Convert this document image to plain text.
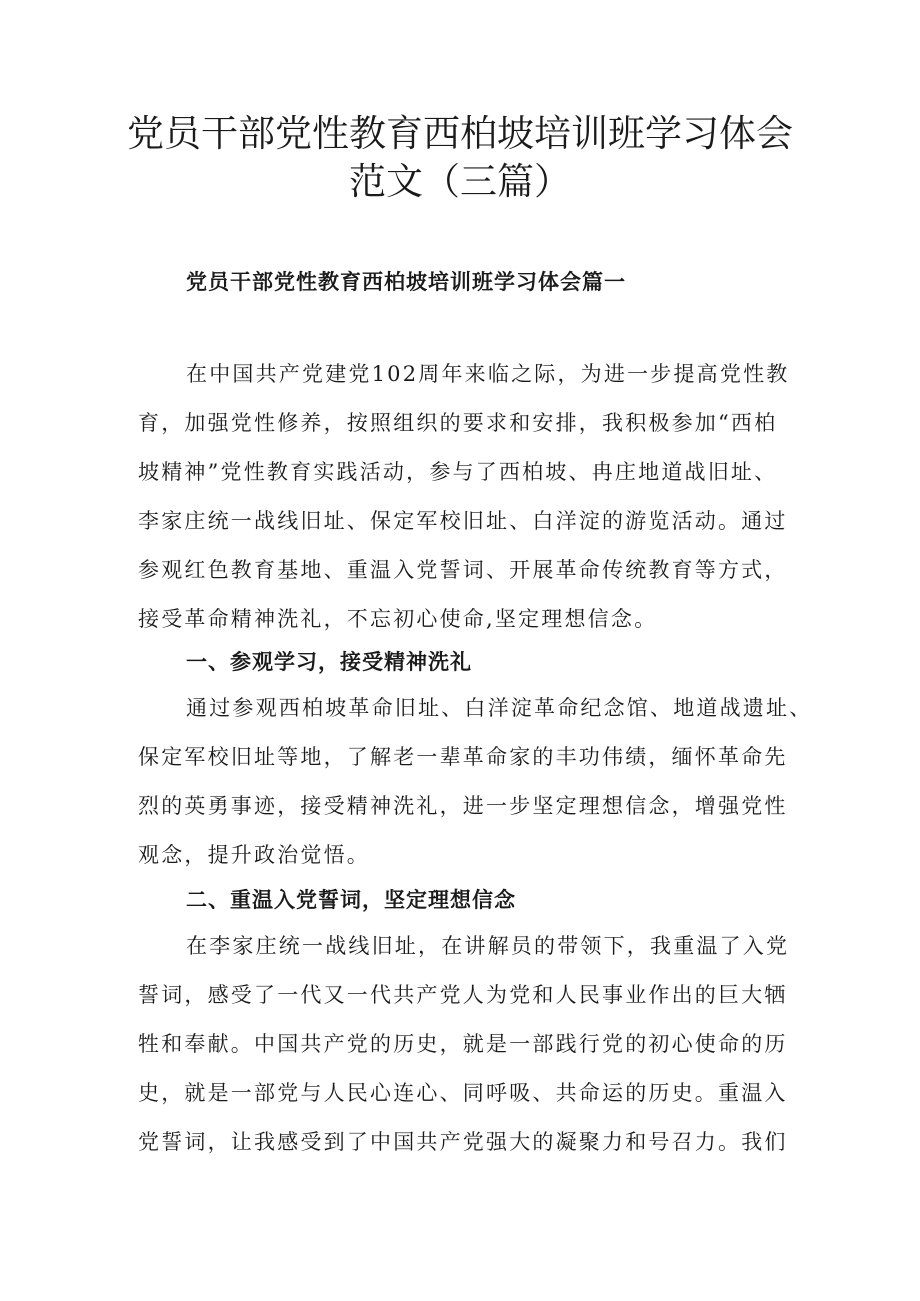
党员干部党性教育西柏坡培训班学习体会
范文（三篇）
党员干部党性教育西柏坡培训班学习体会篇一

在中国共产党建党102周年来临之际，为进一步提高党性教
育，加强党性修养，按照组织的要求和安排，我积极参加“西柏
坡精神”党性教育实践活动，参与了西柏坡、冉庄地道战旧址、
李家庄统一战线旧址、保定军校旧址、白洋淀的游览活动。通过
参观红色教育基地、重温入党誓词、开展革命传统教育等方式，
接受革命精神洗礼，不忘初心使命,坚定理想信念。

一、参观学习，接受精神洗礼

通过参观西柏坡革命旧址、白洋淀革命纪念馆、地道战遗址、
保定军校旧址等地，了解老一辈革命家的丰功伟绩，缅怀革命先
烈的英勇事迹，接受精神洗礼，进一步坚定理想信念，增强党性
观念，提升政治觉悟。

二、重温入党誓词，坚定理想信念

在李家庄统一战线旧址，在讲解员的带领下，我重温了入党
誓词，感受了一代又一代共产党人为党和人民事业作出的巨大牺
牲和奉献。中国共产党的历史，就是一部践行党的初心使命的历
史，就是一部党与人民心连心、同呼吸、共命运的历史。重温入
党誓词，让我感受到了中国共产党强大的凝聚力和号召力。我们
